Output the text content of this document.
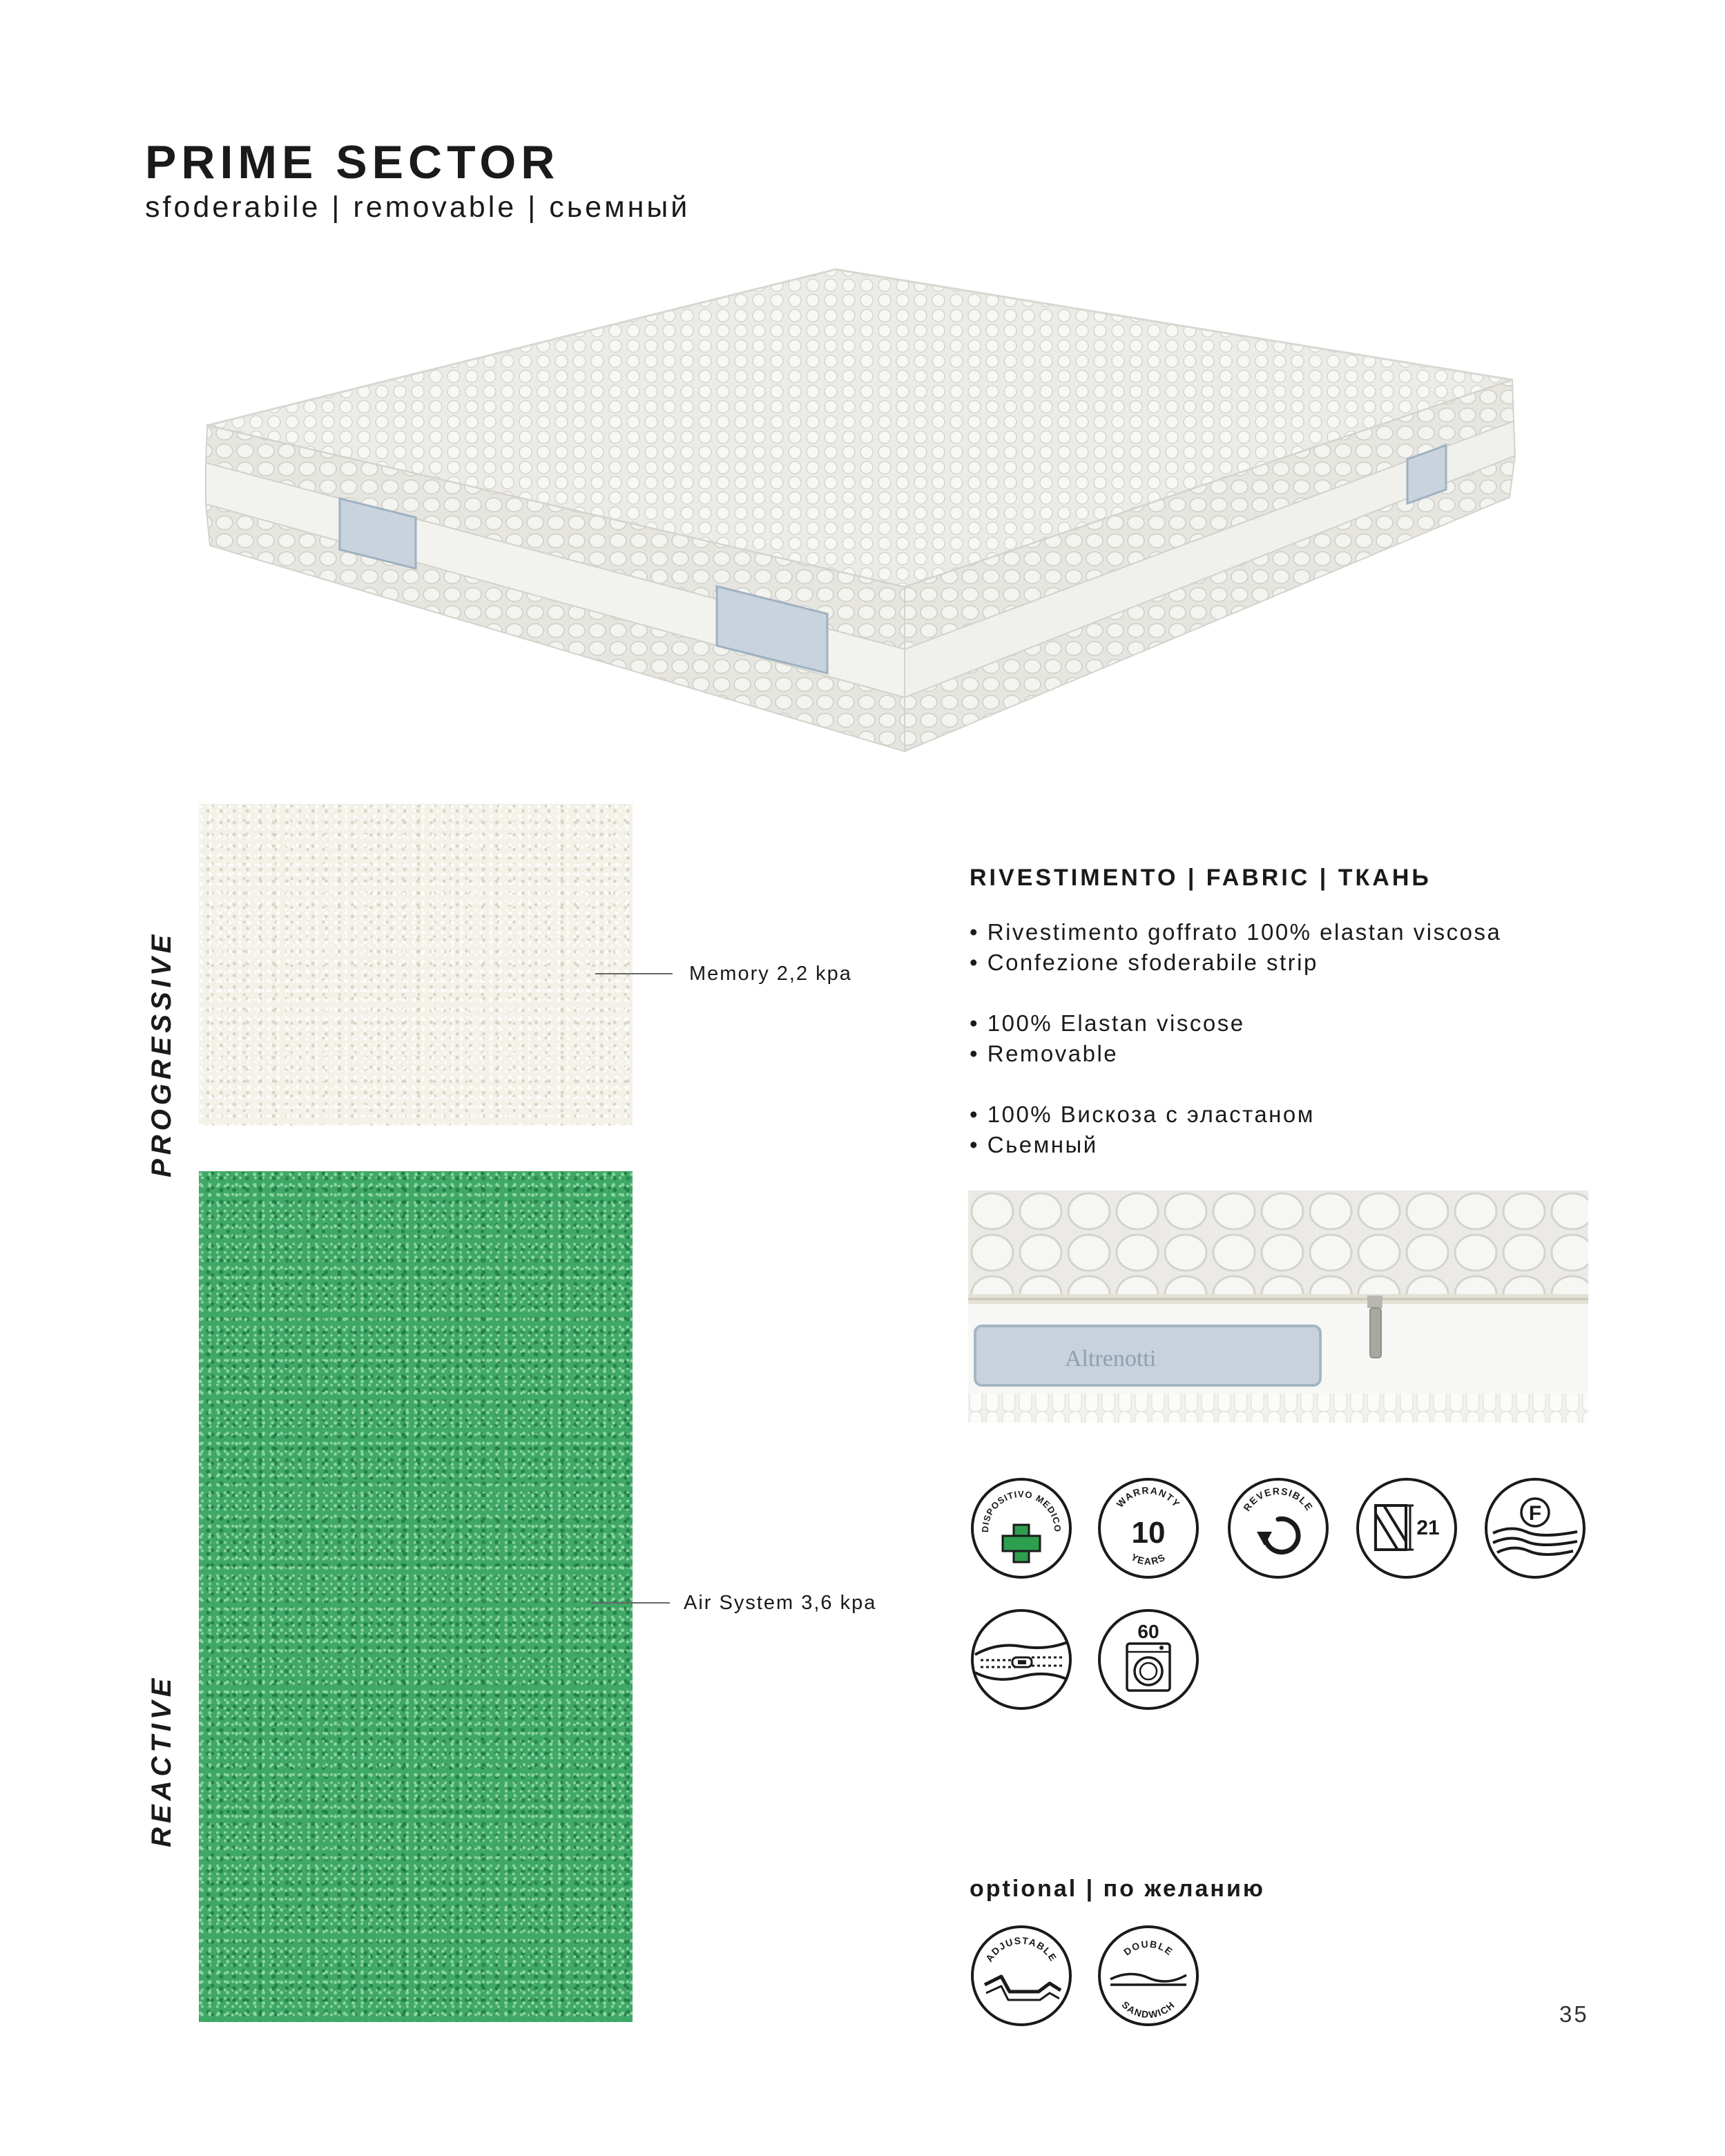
PRIME SECTOR
sfoderabile | removable | сьемный
PROGRESSIVE
REACTIVE
Memory 2,2 kpa
Air System 3,6 kpa
RIVESTIMENTO | FABRIC | ТКАНЬ
• Rivestimento goffrato 100% elastan viscosa
• Confezione sfoderabile strip
• 100% Elastan viscose
• Removable
• 100% Вискоза с эластаном
• Сьемный
Altrenotti
DISPOSITIVO MEDICO
WARRANTY
10
YEARS
REVERSIBLE
21
F
60
optional | по желанию
ADJUSTABLE	DOUBLE
SANDWICH	35
